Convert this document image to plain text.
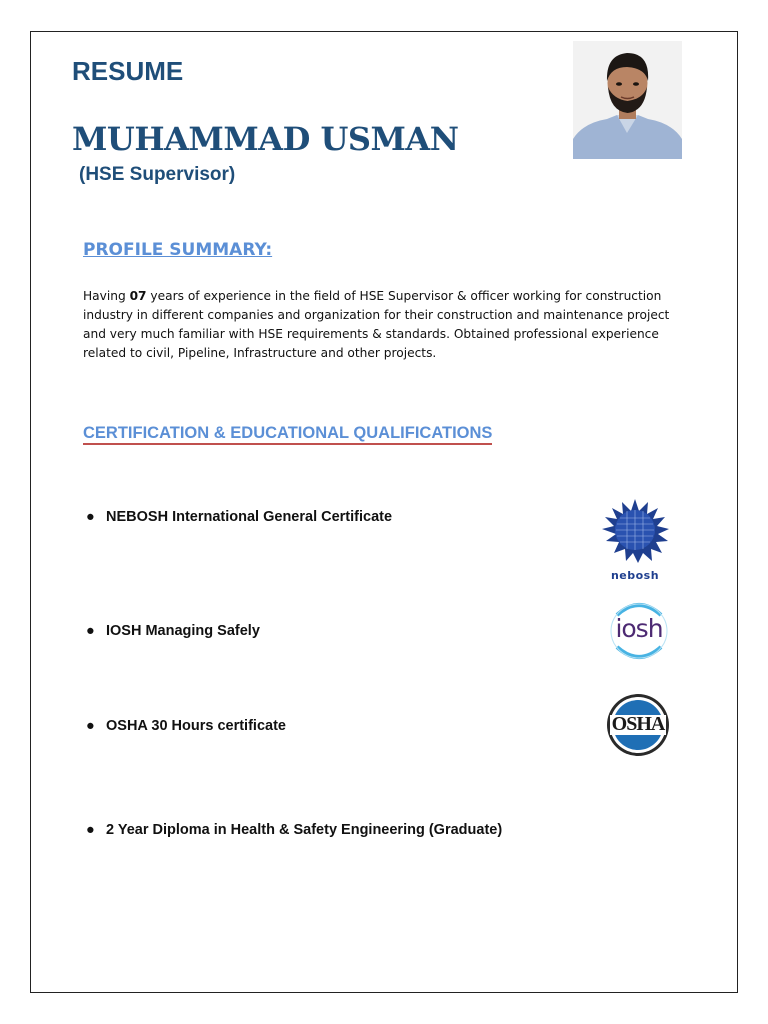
RESUME
MUHAMMAD USMAN
(HSE Supervisor)
PROFILE SUMMARY:

Having 07 years of experience in the field of HSE Supervisor & officer working for construction industry in different companies and organization for their construction and maintenance project and very much familiar with HSE requirements & standards. Obtained professional experience related to civil, Pipeline, Infrastructure and other projects.

CERTIFICATION & EDUCATIONAL QUALIFICATIONS
● NEBOSH International General Certificate
● IOSH Managing Safely
● OSHA 30 Hours certificate
● 2 Year Diploma in Health & Safety Engineering (Graduate)
nebosh
iosh
OSHA
